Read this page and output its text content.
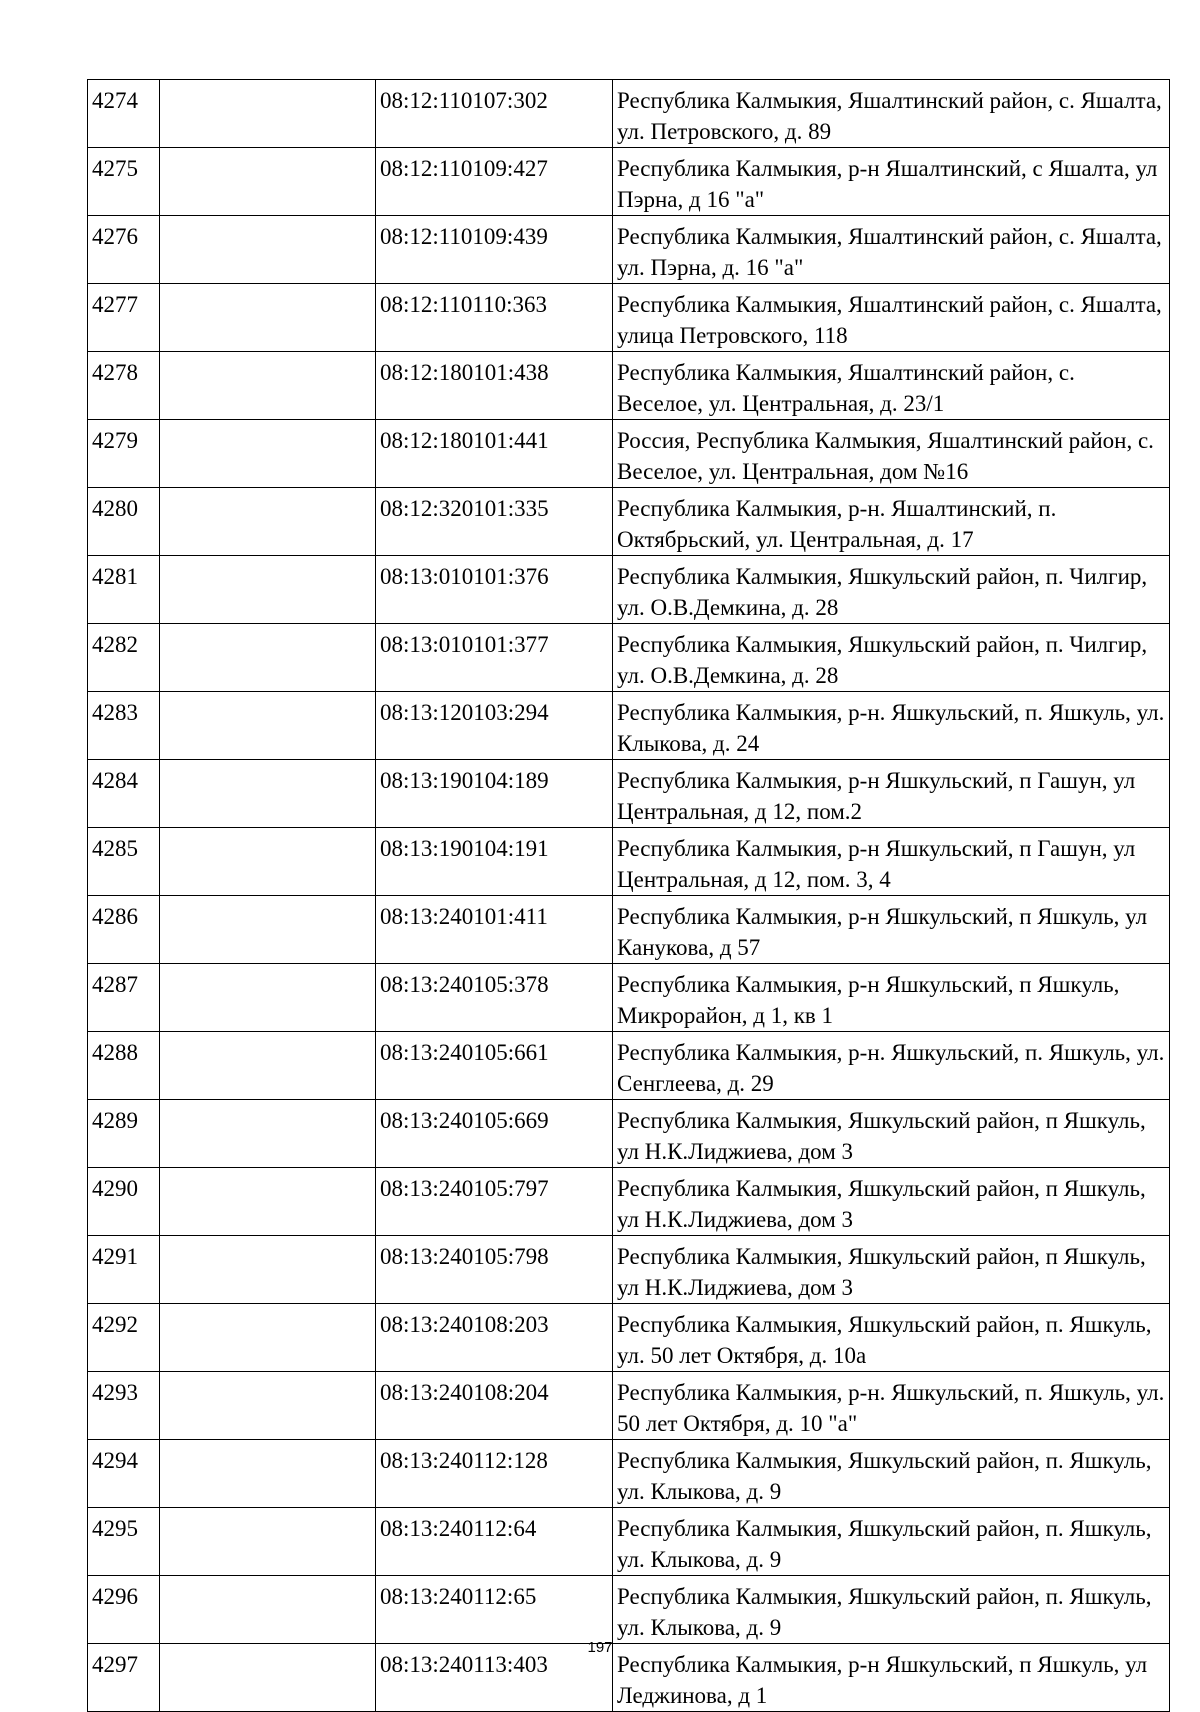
4274		08:12:110107:302	Республика Калмыкия, Яшалтинский район, с. Яшалта, ул. Петровского, д. 89
4275		08:12:110109:427	Республика Калмыкия, р-н Яшалтинский, с Яшалта, ул Пэрна, д 16 "а"
4276		08:12:110109:439	Республика Калмыкия, Яшалтинский район, с. Яшалта, ул. Пэрна, д. 16 "а"
4277		08:12:110110:363	Республика Калмыкия, Яшалтинский район, с. Яшалта, улица Петровского, 118
4278		08:12:180101:438	Республика Калмыкия, Яшалтинский район, с. Веселое, ул. Центральная, д. 23/1
4279		08:12:180101:441	Россия, Республика Калмыкия, Яшалтинский район, с. Веселое, ул. Центральная, дом №16
4280		08:12:320101:335	Республика Калмыкия, р-н. Яшалтинский, п. Октябрьский, ул. Центральная, д. 17
4281		08:13:010101:376	Республика Калмыкия, Яшкульский район, п. Чилгир, ул. О.В.Демкина, д. 28
4282		08:13:010101:377	Республика Калмыкия, Яшкульский район, п. Чилгир, ул. О.В.Демкина, д. 28
4283		08:13:120103:294	Республика Калмыкия, р-н. Яшкульский, п. Яшкуль, ул. Клыкова, д. 24
4284		08:13:190104:189	Республика Калмыкия, р-н Яшкульский, п Гашун, ул Центральная, д 12, пом.2
4285		08:13:190104:191	Республика Калмыкия, р-н Яшкульский, п Гашун, ул Центральная, д 12, пом. 3, 4
4286		08:13:240101:411	Республика Калмыкия, р-н Яшкульский, п Яшкуль, ул Канукова, д 57
4287		08:13:240105:378	Республика Калмыкия, р-н Яшкульский, п Яшкуль, Микрорайон, д 1, кв 1
4288		08:13:240105:661	Республика Калмыкия, р-н. Яшкульский, п. Яшкуль, ул. Сенглеева, д. 29
4289		08:13:240105:669	Республика Калмыкия, Яшкульский район, п Яшкуль, ул Н.К.Лиджиева, дом 3
4290		08:13:240105:797	Республика Калмыкия, Яшкульский район, п Яшкуль, ул Н.К.Лиджиева, дом 3
4291		08:13:240105:798	Республика Калмыкия, Яшкульский район, п Яшкуль, ул Н.К.Лиджиева, дом 3
4292		08:13:240108:203	Республика Калмыкия, Яшкульский район, п. Яшкуль, ул. 50 лет Октября, д. 10а
4293		08:13:240108:204	Республика Калмыкия, р-н. Яшкульский, п. Яшкуль, ул. 50 лет Октября, д. 10 "а"
4294		08:13:240112:128	Республика Калмыкия, Яшкульский район, п. Яшкуль, ул. Клыкова, д. 9
4295		08:13:240112:64	Республика Калмыкия, Яшкульский район, п. Яшкуль, ул. Клыкова, д. 9
4296		08:13:240112:65	Республика Калмыкия, Яшкульский район, п. Яшкуль, ул. Клыкова, д. 9
4297		08:13:240113:403	Республика Калмыкия, р-н Яшкульский, п Яшкуль, ул Леджинова, д 1
197
